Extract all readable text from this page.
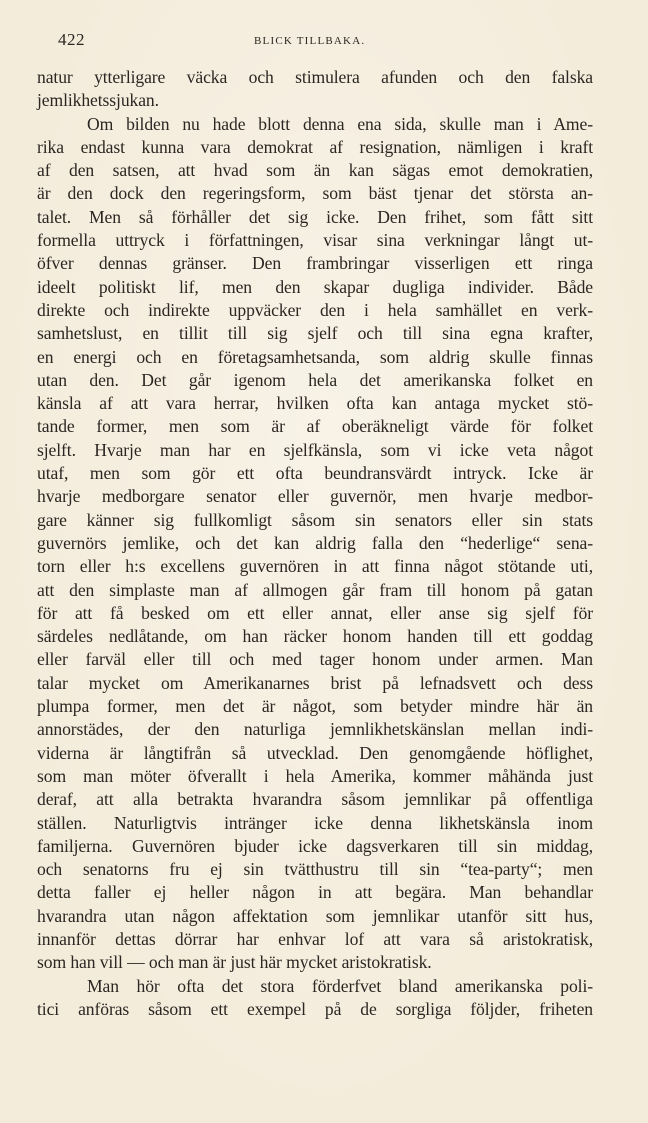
422	BLICK TILLBAKA.
natur ytterligare väcka och stimulera afunden och den falska
jemlikhetssjukan.
Om bilden nu hade blott denna ena sida, skulle man i Ame-
rika endast kunna vara demokrat af resignation, nämligen i kraft
af den satsen, att hvad som än kan sägas emot demokratien,
är den dock den regeringsform, som bäst tjenar det största an-
talet. Men så förhåller det sig icke. Den frihet, som fått sitt
formella uttryck i författningen, visar sina verkningar långt ut-
öfver dennas gränser. Den frambringar visserligen ett ringa
ideelt politiskt lif, men den skapar dugliga individer. Både
direkte och indirekte uppväcker den i hela samhället en verk-
samhetslust, en tillit till sig sjelf och till sina egna krafter,
en energi och en företagsamhetsanda, som aldrig skulle finnas
utan den. Det går igenom hela det amerikanska folket en
känsla af att vara herrar, hvilken ofta kan antaga mycket stö-
tande former, men som är af oberäkneligt värde för folket
sjelft. Hvarje man har en sjelfkänsla, som vi icke veta något
utaf, men som gör ett ofta beundransvärdt intryck. Icke är
hvarje medborgare senator eller guvernör, men hvarje medbor-
gare känner sig fullkomligt såsom sin senators eller sin stats
guvernörs jemlike, och det kan aldrig falla den “hederlige“ sena-
torn eller h:s excellens guvernören in att finna något stötande uti,
att den simplaste man af allmogen går fram till honom på gatan
för att få besked om ett eller annat, eller anse sig sjelf för
särdeles nedlåtande, om han räcker honom handen till ett goddag
eller farväl eller till och med tager honom under armen. Man
talar mycket om Amerikanarnes brist på lefnadsvett och dess
plumpa former, men det är något, som betyder mindre här än
annorstädes, der den naturliga jemnlikhetskänslan mellan indi-
viderna är långtifrån så utvecklad. Den genomgående höflighet,
som man möter öfverallt i hela Amerika, kommer måhända just
deraf, att alla betrakta hvarandra såsom jemnlikar på offentliga
ställen. Naturligtvis intränger icke denna likhetskänsla inom
familjerna. Guvernören bjuder icke dagsverkaren till sin middag,
och senatorns fru ej sin tvätthustru till sin “tea-party“; men
detta faller ej heller någon in att begära. Man behandlar
hvarandra utan någon affektation som jemnlikar utanför sitt hus,
innanför dettas dörrar har enhvar lof att vara så aristokratisk,
som han vill — och man är just här mycket aristokratisk.
Man hör ofta det stora förderfvet bland amerikanska poli-
tici anföras såsom ett exempel på de sorgliga följder, friheten
